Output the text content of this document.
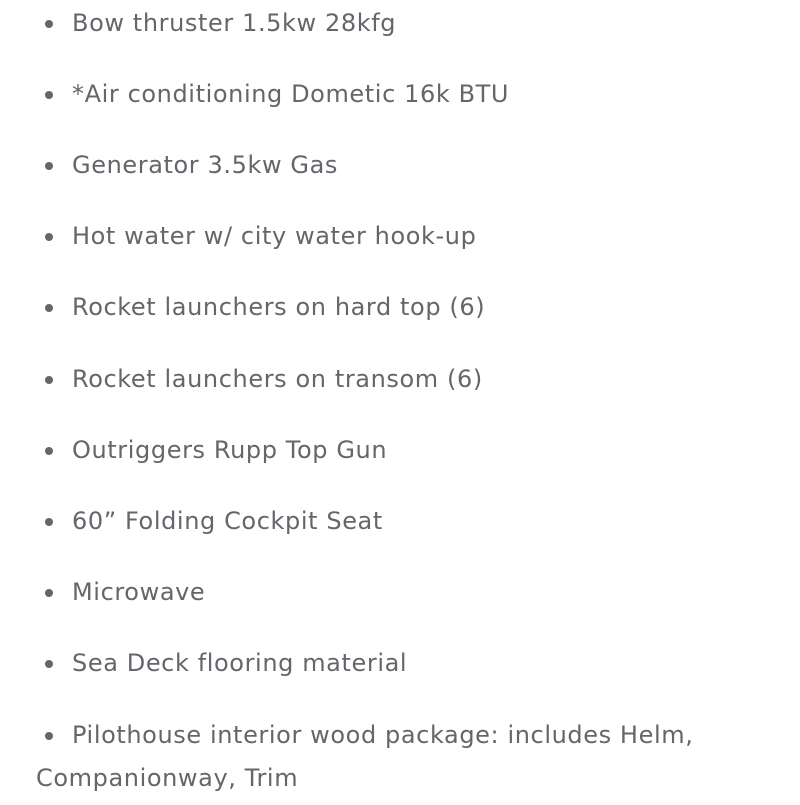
Bow thruster 1.5kw 28kfg
*Air conditioning Dometic 16k BTU
Generator 3.5kw Gas
Hot water w/ city water hook-up
Rocket launchers on hard top (6)
Rocket launchers on transom (6)
Outriggers Rupp Top Gun
60” Folding Cockpit Seat
Microwave
Sea Deck flooring material
Pilothouse interior wood package: includes Helm,
Companionway, Trim
